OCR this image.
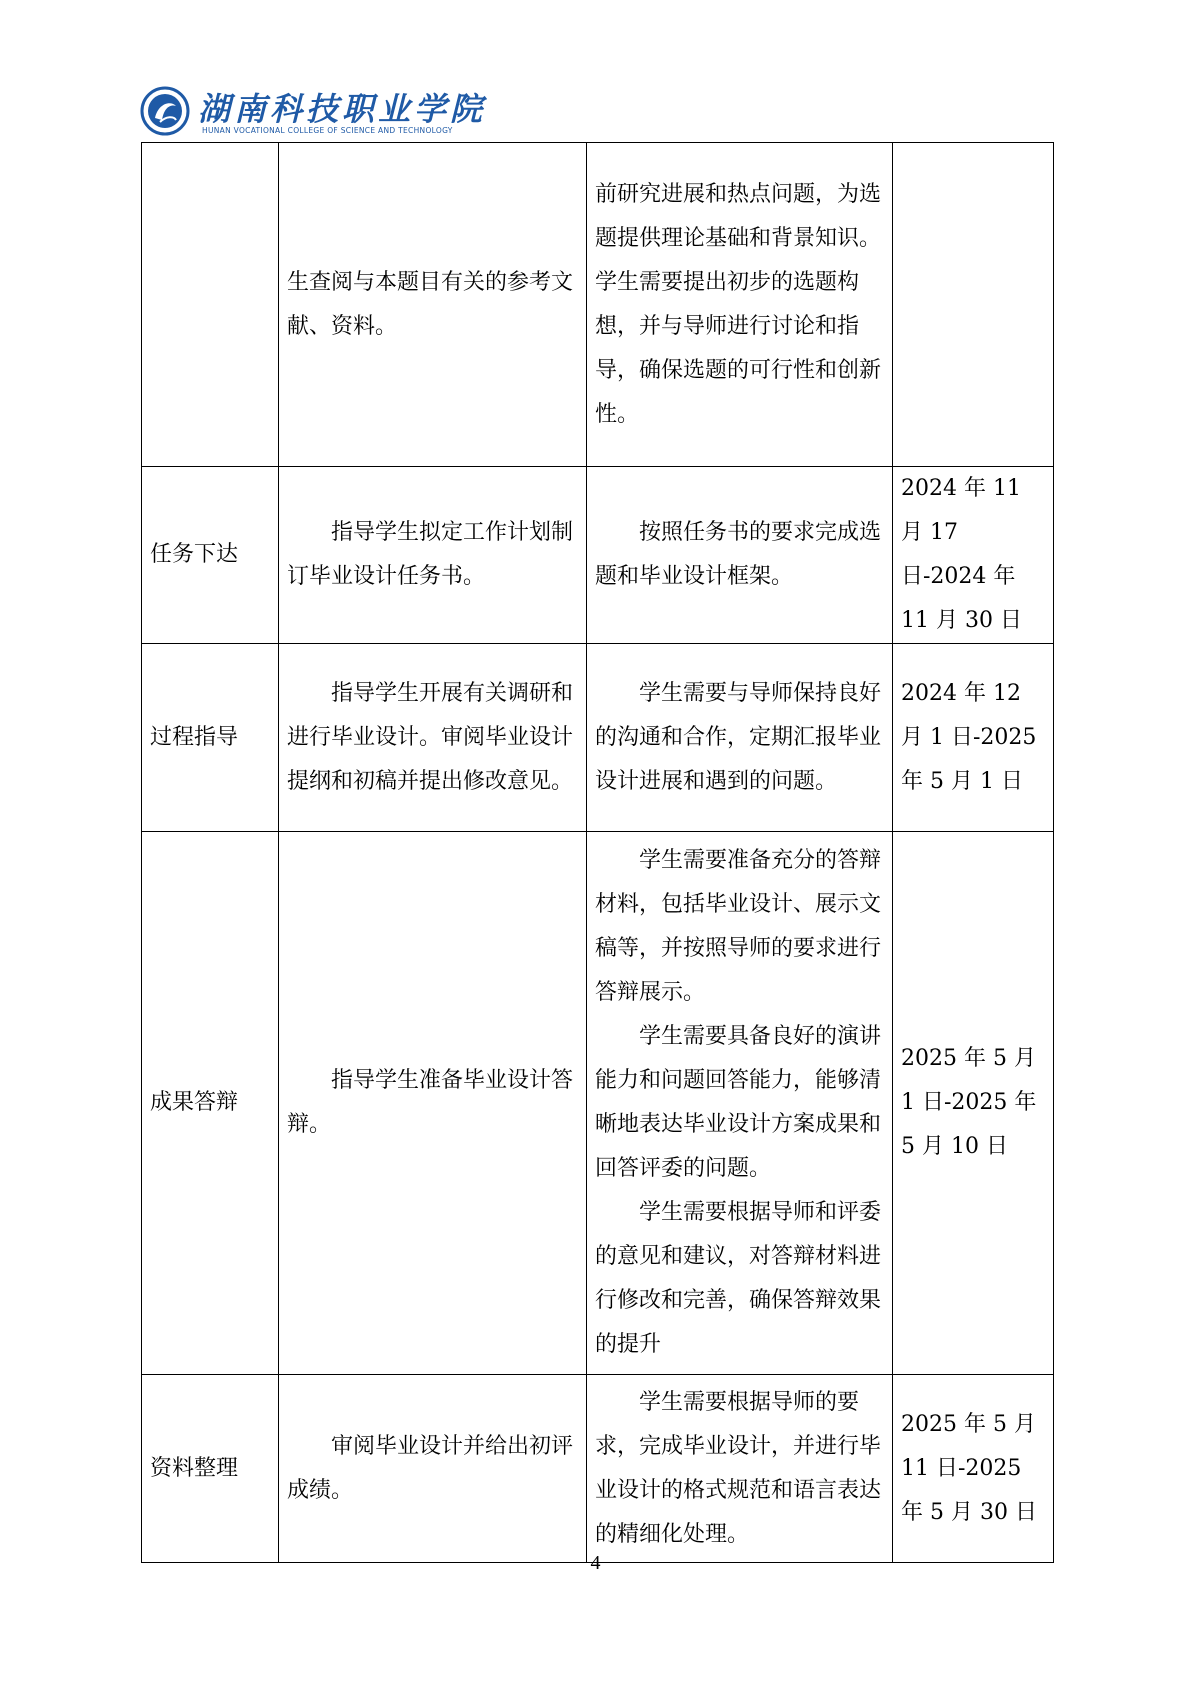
湖南科技职业学院
HUNAN VOCATIONAL COLLEGE OF SCIENCE AND TECHNOLOGY

	生查阅与本题目有关的参考文献、资料。	前研究进展和热点问题，为选题提供理论基础和背景知识。学生需要提出初步的选题构想，并与导师进行讨论和指导，确保选题的可行性和创新性。	

任务下达	指导学生拟定工作计划制订毕业设计任务书。	按照任务书的要求完成选题和毕业设计框架。	2024 年 11 月 17 日-2024 年 11 月 30 日
过程指导	指导学生开展有关调研和进行毕业设计。审阅毕业设计提纲和初稿并提出修改意见。	学生需要与导师保持良好的沟通和合作，定期汇报毕业设计进展和遇到的问题。	2024 年 12 月 1 日-2025 年 5 月 1 日
成果答辩	指导学生准备毕业设计答辩。	学生需要准备充分的答辩材料，包括毕业设计、展示文稿等，并按照导师的要求进行答辩展示。

学生需要具备良好的演讲能力和问题回答能力，能够清晰地表达毕业设计方案成果和回答评委的问题。

学生需要根据导师和评委的意见和建议，对答辩材料进行修改和完善，确保答辩效果的提升	2025 年 5 月 1 日-2025 年 5 月 10 日
资料整理	审阅毕业设计并给出初评成绩。	学生需要根据导师的要求，完成毕业设计，并进行毕业设计的格式规范和语言表达的精细化处理。	2025 年 5 月 11 日-2025 年 5 月 30 日
4
